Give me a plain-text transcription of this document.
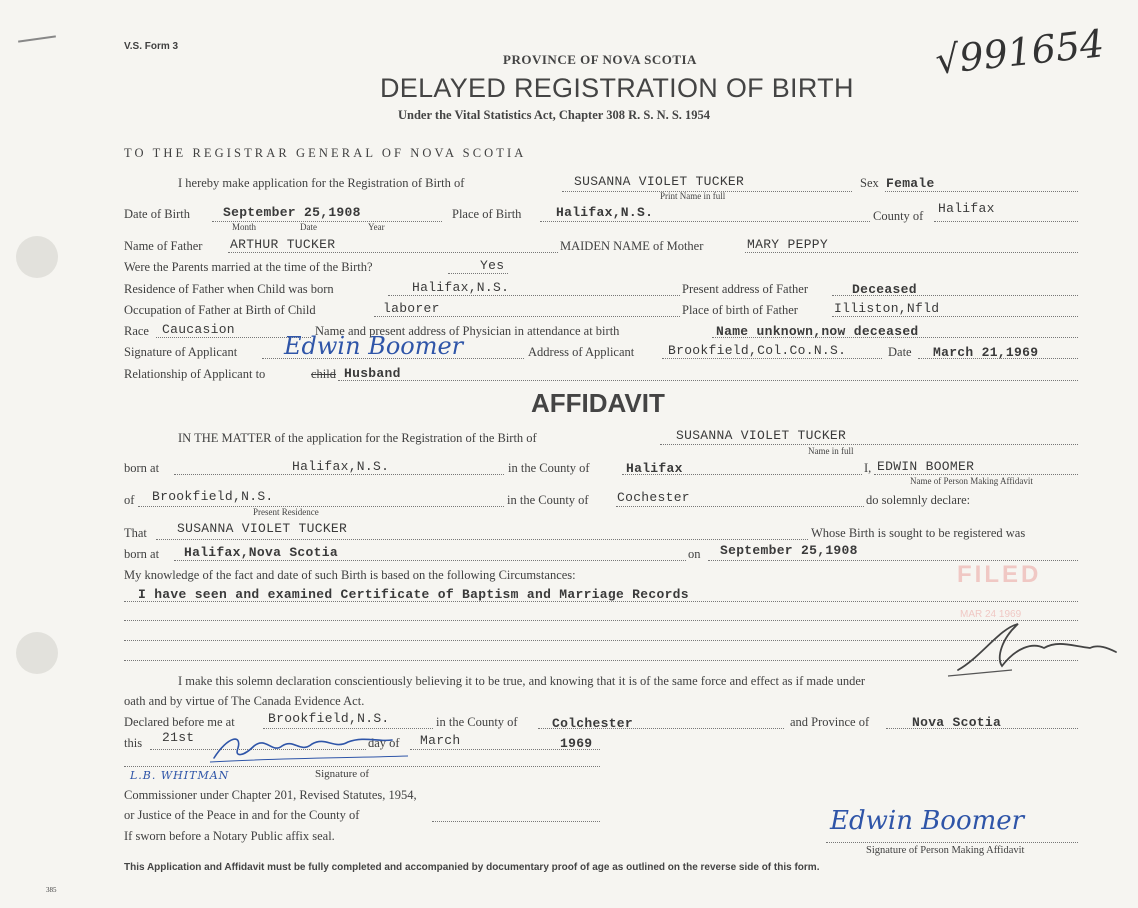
V.S. Form 3	√991654
PROVINCE OF NOVA SCOTIA
DELAYED REGISTRATION OF BIRTH
Under the Vital Statistics Act, Chapter 308 R. S. N. S. 1954
TO THE REGISTRAR GENERAL OF NOVA SCOTIA
I hereby make application for the Registration of Birth of	SUSANNA VIOLET TUCKER
Print Name in full
Sex Female
Date of Birth	September 25,1908
Month	Date	Year
Place of Birth	Halifax,N.S.	County of Halifax
Name of Father ARTHUR TUCKER	MAIDEN NAME of Mother	MARY PEPPY
Were the Parents married at the time of the Birth?	Yes
Residence of Father when Child was born	Halifax,N.S.	Present address of Father	Deceased
Occupation of Father at Birth of Child	laborer	Place of birth of Father	Illiston,Nfld
Race Caucasion	Name and present address of Physician in attendance at birth	Name unknown,now deceased
Signature of Applicant Edwin Boomer	Address of Applicant	Brookfield,Col.Co.N.S.	Date March 21,1969
Relationship of Applicant to	child Husband
AFFIDAVIT
IN THE MATTER of the application for the Registration of the Birth of	SUSANNA VIOLET TUCKER
Name in full
born at	Halifax,N.S.	in the County of	Halifax	I, EDWIN BOOMER
Name of Person Making Affidavit
of Brookfield,N.S.
Present Residence
in the County of Cochester	do solemnly declare:
That SUSANNA VIOLET TUCKER	Whose Birth is sought to be registered was
born at Halifax,Nova Scotia	on September 25,1908
My knowledge of the fact and date of such Birth is based on the following Circumstances:
I have seen and examined Certificate of Baptism and Marriage Records
FILED
MAR 24 1969
I make this solemn declaration conscientiously believing it to be true, and knowing that it is of the same force and effect as if made under
oath and by virtue of The Canada Evidence Act.
Declared before me at	Brookfield,N.S.	in the County of	Colchester	and Province of	Nova Scotia
this 21st	day of March	1969
L.B. WHITMAN	Signature of
Commissioner under Chapter 201, Revised Statutes, 1954,
or Justice of the Peace in and for the County of
If sworn before a Notary Public affix seal.	Edwin Boomer
Signature of Person Making Affidavit
This Application and Affidavit must be fully completed and accompanied by documentary proof of age as outlined on the reverse side of this form.
385
